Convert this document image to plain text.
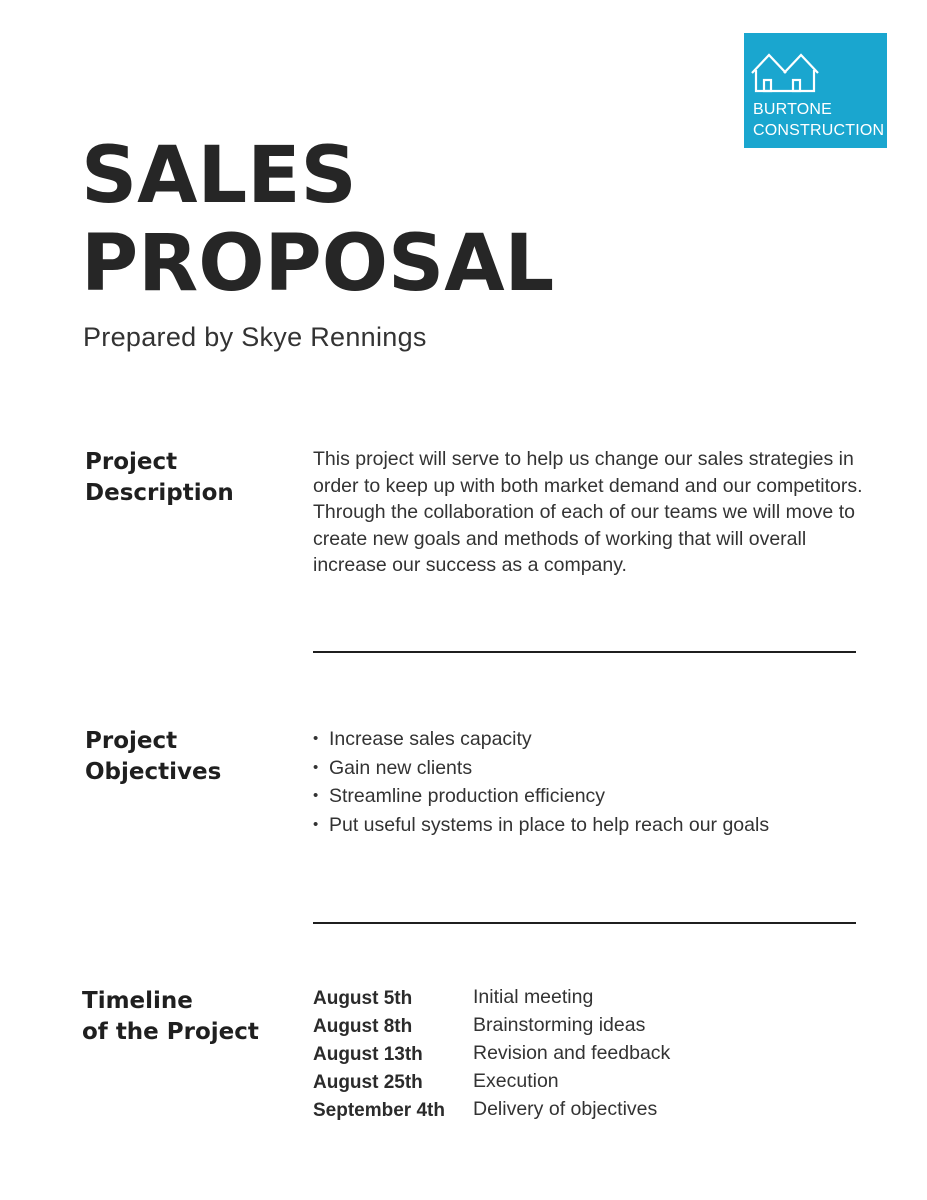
BURTONE
CONSTRUCTION
SALES
PROPOSAL
Prepared by Skye Rennings
Project
Description
This project will serve to help us change our sales strategies in order to keep up with both market demand and our competitors. Through the collaboration of each of our teams we will move to create new goals and methods of working that will overall increase our success as a company.
Project
Objectives
• Increase sales capacity
• Gain new clients
• Streamline production efficiency
• Put useful systems in place to help reach our goals
Timeline
of the Project
August 5th	Initial meeting
August 8th	Brainstorming ideas
August 13th	Revision and feedback
August 25th	Execution
September 4th	Delivery of objectives
